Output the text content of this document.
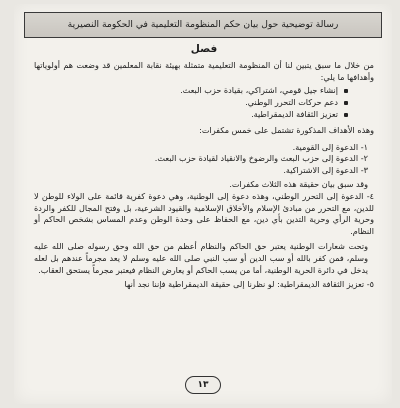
رسالة توضيحية حول بيان حكم المنظومة التعليمية في الحكومة النصيرية
فصل

من خلال ما سبق يتبين لنا أن المنظومة التعليمية متمثلة بهيئة نقابة المعلمين قد وضعت هم أولوياتها وأهدافها ما يلي:

إنشاء جيل قومي، اشتراكي، بقيادة حزب البعث.
دعم حركات التحرر الوطني.
تعزيز الثقافة الديمقراطية.

وهذه الأهداف المذكورة تشتمل على خمس مكفرات:

١- الدعوة إلى القومية.

٢- الدعوة إلى حزب البعث والرضوخ والانقياد لقيادة حزب البعث.

٣- الدعوة إلى الاشتراكية.

وقد سبق بيان حقيقة هذه الثلاث مكفرات.

٤- الدعوة إلى التحرر الوطني، وهذه دعوة إلى الوطنية، وهي دعوة كفرية قائمة على الولاء للوطن لا للدين، مع التحرر من مبادئ الإسلام والأخلاق الإسلامية والقيود الشرعية، بل وفتح المجال للكفر والردة وحرية الرأي وحرية التدين بأي دين، مع الحفاظ على وحدة الوطن وعدم المساس بشخص الحاكم أو النظام.

وتحت شعارات الوطنية يعتبر حق الحاكم والنظام أعظم من حق الله وحق رسوله صلى الله عليه وسلم، فمن كفر بالله أو سب الدين أو سب النبي صلى الله عليه وسلم لا يعد مجرماً عندهم بل لعله يدخل في دائرة الحرية الوطنية، أما من يسب الحاكم أو يعارض النظام فيعتبر مجرماً يستحق العقاب.

٥- تعزيز الثقافة الديمقراطية: لو نظرنا إلى حقيقة الديمقراطية فإننا نجد أنها

١٣
